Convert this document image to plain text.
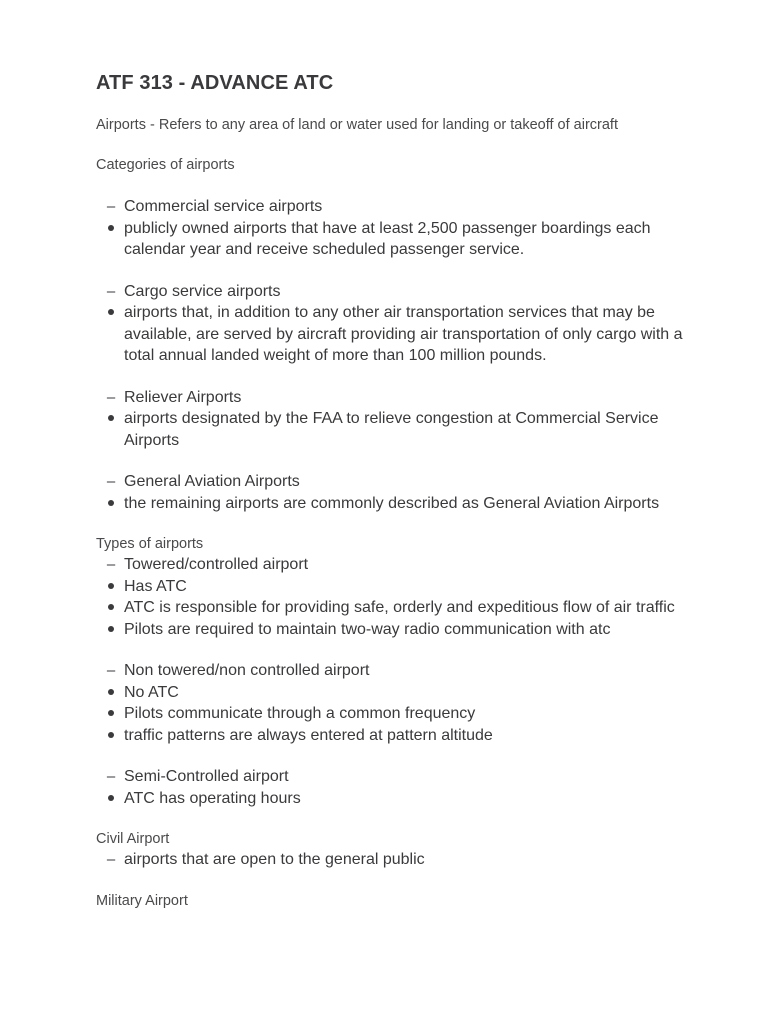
ATF 313 - ADVANCE ATC

Airports - Refers to any area of land or water used for landing or takeoff of aircraft

Categories of airports

–
Commercial service airports
publicly owned airports that have at least 2,500 passenger boardings each calendar year and receive scheduled passenger service.
–
Cargo service airports
airports that, in addition to any other air transportation services that may be available, are served by aircraft providing air transportation of only cargo with a total annual landed weight of more than 100 million pounds.
–
Reliever Airports
airports designated by the FAA to relieve congestion at Commercial Service Airports
–
General Aviation Airports
the remaining airports are commonly described as General Aviation Airports

Types of airports

–
Towered/controlled airport
Has ATC
ATC is responsible for providing safe, orderly and expeditious flow of air traffic
Pilots are required to maintain two-way radio communication with atc
–
Non towered/non controlled airport
No ATC
Pilots communicate through a common frequency
traffic patterns are always entered at pattern altitude
–
Semi-Controlled airport
ATC has operating hours

Civil Airport

–
airports that are open to the general public

Military Airport
